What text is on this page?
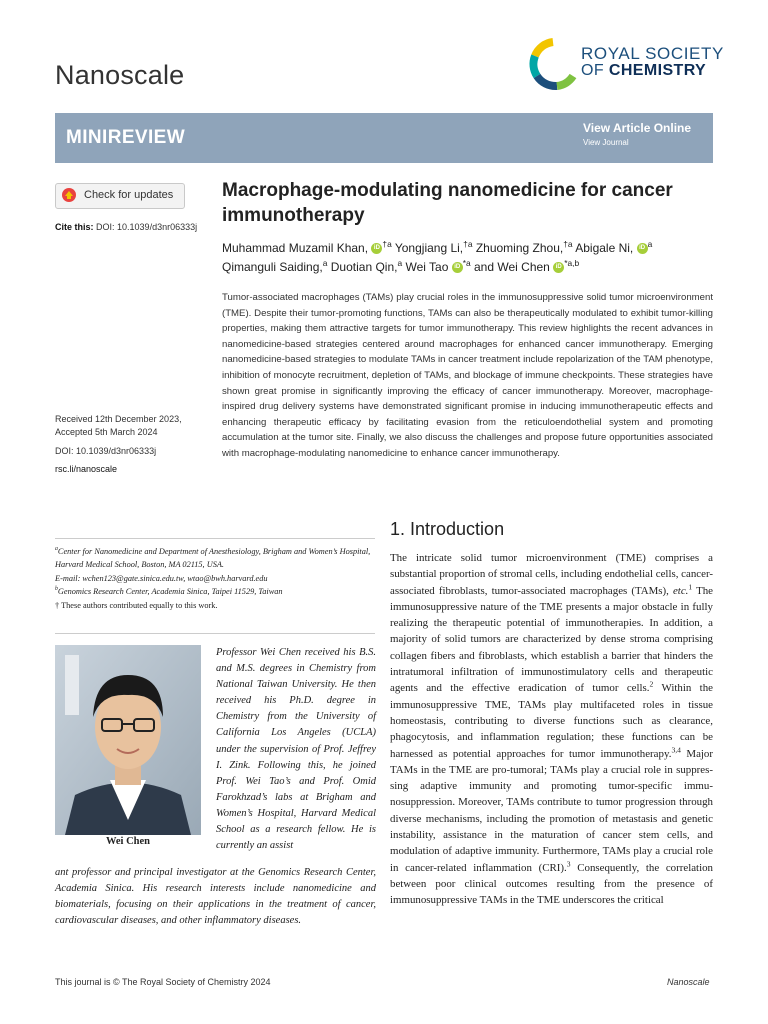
Nanoscale
ROYAL SOCIETY
OF CHEMISTRY
MINIREVIEW	View Article Online
View Journal
Check for updates
Cite this: DOI: 10.1039/d3nr06333j
Macrophage-modulating nanomedicine for cancer immunotherapy
Muhammad Muzamil Khan, iD $^{\dagger a}$ Yongjiang Li,$^{\dagger a}$ Zhuoming Zhou,$^{\dagger a}$ Abigale Ni, iD $^a$
Qimanguli Saiding,$^a$ Duotian Qin,$^a$ Wei Tao iD $^{*a}$ and Wei Chen iD $^{*a,b}$
Tumor-associated macrophages (TAMs) play crucial roles in the immunosuppressive solid tumor microenvironment (TME). Despite their tumor-promoting functions, TAMs can also be therapeutically modulated to exhibit tumor-killing properties, making them attractive targets for tumor immunotherapy. This review highlights the recent advances in nanomedicine-based strategies centered around macrophages for enhanced cancer immunotherapy. Emerging nanomedicine-based strategies to modulate TAMs in cancer treatment include repolarization of the TAM phenotype, inhibition of monocyte recruitment, depletion of TAMs, and blockage of immune checkpoints. These strategies have shown great promise in significantly improving the efficacy of cancer immunotherapy. Moreover, macrophage-inspired drug delivery systems have demonstrated significant promise in inducing immunotherapeutic effects and enhancing therapeutic efficacy by facilitating evasion from the reticuloendothelial system and promoting accumulation at the tumor site. Finally, we also discuss the challenges and propose future opportunities associated with macrophage-modulating nanomedicine to enhance cancer immunotherapy.
Received 12th December 2023,
Accepted 5th March 2024
DOI: 10.1039/d3nr06333j
rsc.li/nanoscale
$^a$Center for Nanomedicine and Department of Anesthesiology, Brigham and Women’s Hospital, Harvard Medical School, Boston, MA 02115, USA.
E-mail: wchen123@gate.sinica.edu.tw, wtao@bwh.harvard.edu
$^b$Genomics Research Center, Academia Sinica, Taipei 11529, Taiwan
† These authors contributed equally to this work.
Wei Chen
Professor Wei Chen received his B.S. and M.S. degrees in Chemistry from National Taiwan University. He then received his Ph.D. degree in Chemistry from the University of California Los Angeles (UCLA) under the supervision of Prof. Jeffrey I. Zink. Following this, he joined Prof. Wei Tao’s and Prof. Omid Farokhzad’s labs at Brigham and Women’s Hospital, Harvard Medical School as a research fellow. He is currently an assist
ant professor and principal investigator at the Genomics Research Center, Academia Sinica. His research interests include nanomedicine and biomaterials, focusing on their applications in the treatment of cancer, cardiovascular diseases, and other inflammatory diseases.
1. Introduction
The intricate solid tumor microenvironment (TME) comprises a substantial proportion of stromal cells, including endothelial cells, cancer-associated fibroblasts, tumor-associated macrophages (TAMs), etc.$^1$ The immunosuppressive nature of the TME presents a major obstacle in fully realizing the therapeutic potential of immunotherapies. In addition, a majority of solid tumors are characterized by dense stroma comprising collagen fibers and fibroblasts, which establish a barrier that hinders the intratumoral infiltration of immunostimulatory cells and therapeutic agents and the effective eradication of tumor cells.$^2$ Within the immunosuppressive TME, TAMs play multifaceted roles in tissue homeostasis, contributing to diverse functions such as clearance, phagocytosis, and inflammation regulation; these functions can be harnessed as potential approaches for tumor immunotherapy.$^{3,4}$ Major TAMs in the TME are pro-tumoral; TAMs play a crucial role in suppressing adaptive immunity and promoting tumor-specific immunosuppression. Moreover, TAMs contribute to tumor progression through diverse mechanisms, including the promotion of metastasis and genetic instability, assistance in the maturation of cancer stem cells, and modulation of adaptive immunity. Furthermore, TAMs play a crucial role in cancer-related inflammation (CRI).$^3$ Consequently, the correlation between poor clinical outcomes resulting from the presence of immunosuppressive TAMs in the TME underscores the critical
This journal is © The Royal Society of Chemistry 2024	Nanoscale
